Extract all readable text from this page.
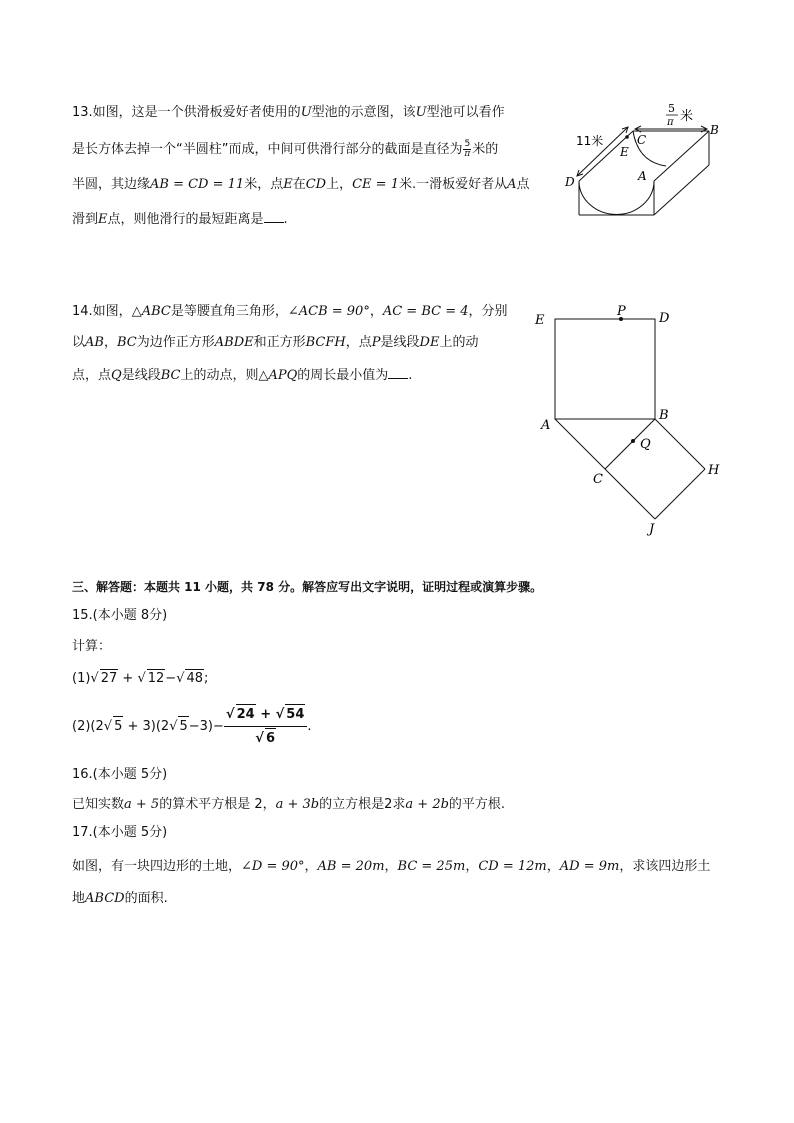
13.如图，这是一个供滑板爱好者使用的U型池的示意图，该U型池可以看作
是长方体去掉一个“半圆柱”而成，中间可供滑行部分的截面是直径为 $\frac{5}{\pi}$ 米的
半圆，其边缘AB = CD = 11米，点E在CD上，CE = 1米.一滑板爱好者从A点
滑到E点，则他滑行的最短距离是 .
5
π 米
11米
B
C
E
A
D
14.如图，△ABC是等腰直角三角形，∠ACB = 90°，AC = BC = 4，分别
以AB，BC为边作正方形ABDE和正方形BCFH，点P是线段DE上的动
点，点Q是线段BC上的动点，则△APQ的周长最小值为 .
E
P	D
A
B
Q
C
H
J
三、解答题：本题共 11 小题，共 78 分。解答应写出文字说明，证明过程或演算步骤。
15.(本小题 8分)
计算：
(1)√ 27 + √ 12−√ 48;
(2)(2√ 5 + 3)(2√ $5-3)- \frac{√ 24 + √ 54}{√ 6}$ .
16.(本小题 5分)
已知实数a + 5的算术平方根是 2，a + 3b的立方根是2求a + 2b的平方根.
17.(本小题 5分)
如图，有一块四边形的土地，∠D = 90°，AB = 20m，BC = 25m，CD = 12m，AD = 9m，求该四边形土
地ABCD的面积.
